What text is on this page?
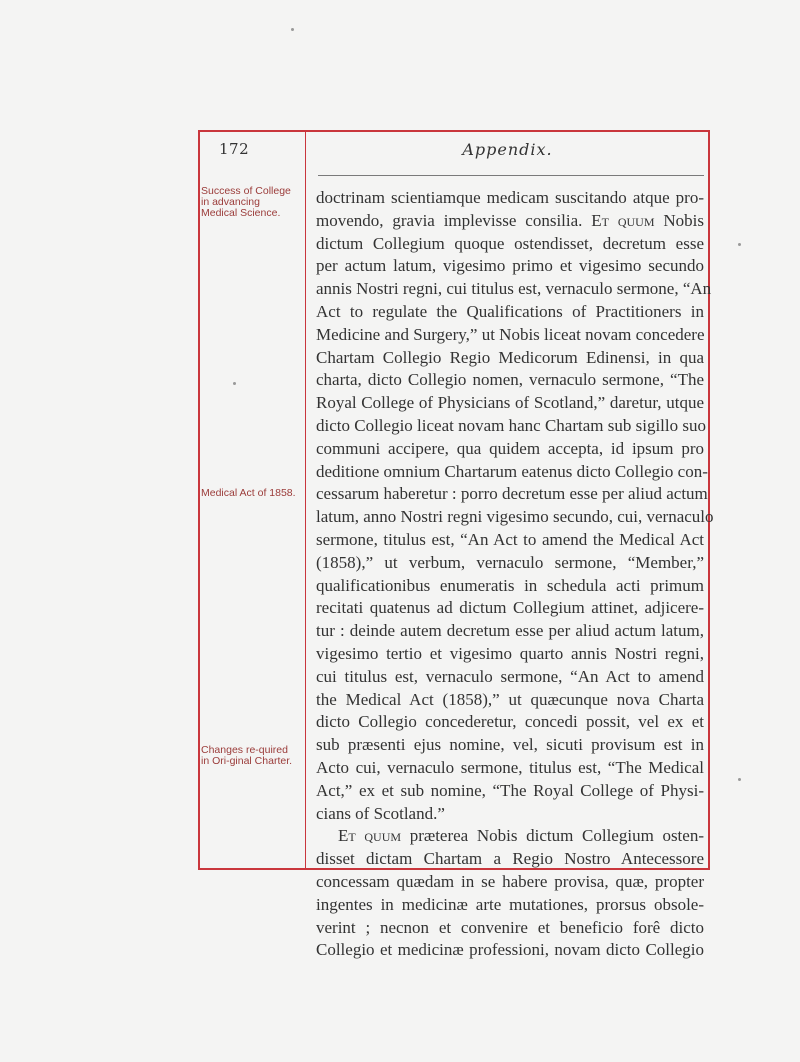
172	Appendix.
Success of College in advancing Medical Science.
Medical Act of 1858.
Changes re-quired in Ori-ginal Charter.
doctrinam scientiamque medicam suscitando atque pro-
movendo, gravia implevisse consilia. Et quum Nobis
dictum Collegium quoque ostendisset, decretum esse
per actum latum, vigesimo primo et vigesimo secundo
annis Nostri regni, cui titulus est, vernaculo sermone, “An
Act to regulate the Qualifications of Practitioners in
Medicine and Surgery,” ut Nobis liceat novam concedere
Chartam Collegio Regio Medicorum Edinensi, in qua
charta, dicto Collegio nomen, vernaculo sermone, “The
Royal College of Physicians of Scotland,” daretur, utque
dicto Collegio liceat novam hanc Chartam sub sigillo suo
communi accipere, qua quidem accepta, id ipsum pro
deditione omnium Chartarum eatenus dicto Collegio con-
cessarum haberetur : porro decretum esse per aliud actum
latum, anno Nostri regni vigesimo secundo, cui, vernaculo
sermone, titulus est, “An Act to amend the Medical Act
(1858),” ut verbum, vernaculo sermone, “Member,”
qualificationibus enumeratis in schedula acti primum
recitati quatenus ad dictum Collegium attinet, adjicere-
tur : deinde autem decretum esse per aliud actum latum,
vigesimo tertio et vigesimo quarto annis Nostri regni,
cui titulus est, vernaculo sermone, “An Act to amend
the Medical Act (1858),” ut quæcunque nova Charta
dicto Collegio concederetur, concedi possit, vel ex et
sub præsenti ejus nomine, vel, sicuti provisum est in
Acto cui, vernaculo sermone, titulus est, “The Medical
Act,” ex et sub nomine, “The Royal College of Physi-
cians of Scotland.”
Et quum præterea Nobis dictum Collegium osten-
disset dictam Chartam a Regio Nostro Antecessore
concessam quædam in se habere provisa, quæ, propter
ingentes in medicinæ arte mutationes, prorsus obsole-
verint ; necnon et convenire et beneficio forê dicto
Collegio et medicinæ professioni, novam dicto Collegio
